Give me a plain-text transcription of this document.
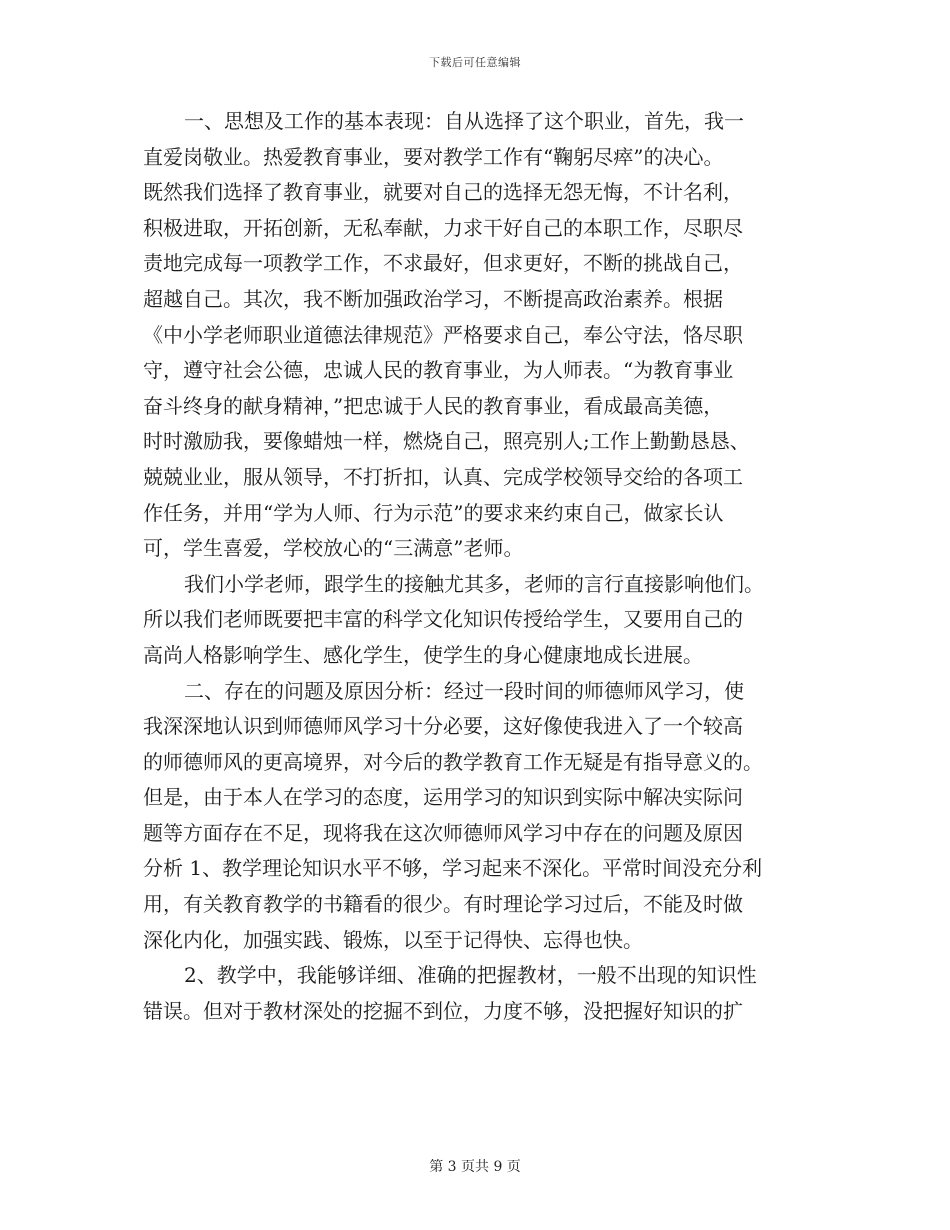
下载后可任意编辑
一、思想及工作的基本表现：自从选择了这个职业，首先，我一
直爱岗敬业。热爱教育事业，要对教学工作有“鞠躬尽瘁”的决心。
既然我们选择了教育事业，就要对自己的选择无怨无悔，不计名利，
积极进取，开拓创新，无私奉献，力求干好自己的本职工作，尽职尽
责地完成每一项教学工作，不求最好，但求更好，不断的挑战自己，
超越自己。其次，我不断加强政治学习，不断提高政治素养。根据
《中小学老师职业道德法律规范》严格要求自己，奉公守法，恪尽职
守，遵守社会公德，忠诚人民的教育事业，为人师表。“为教育事业
奋斗终身的献身精神，”把忠诚于人民的教育事业，看成最高美德，
时时激励我，要像蜡烛一样，燃烧自己，照亮别人;工作上勤勤恳恳、
兢兢业业，服从领导，不打折扣，认真、完成学校领导交给的各项工
作任务，并用“学为人师、行为示范”的要求来约束自己，做家长认
可，学生喜爱，学校放心的“三满意”老师。
我们小学老师，跟学生的接触尤其多，老师的言行直接影响他们。
所以我们老师既要把丰富的科学文化知识传授给学生，又要用自己的
高尚人格影响学生、感化学生，使学生的身心健康地成长进展。
二、存在的问题及原因分析：经过一段时间的师德师风学习，使
我深深地认识到师德师风学习十分必要，这好像使我进入了一个较高
的师德师风的更高境界，对今后的教学教育工作无疑是有指导意义的。
但是，由于本人在学习的态度，运用学习的知识到实际中解决实际问
题等方面存在不足，现将我在这次师德师风学习中存在的问题及原因
分析 1、教学理论知识水平不够，学习起来不深化。平常时间没充分利
用，有关教育教学的书籍看的很少。有时理论学习过后，不能及时做
深化内化，加强实践、锻炼，以至于记得快、忘得也快。
2、教学中，我能够详细、准确的把握教材，一般不出现的知识性
错误。但对于教材深处的挖掘不到位，力度不够，没把握好知识的扩
第 3 页共 9 页
